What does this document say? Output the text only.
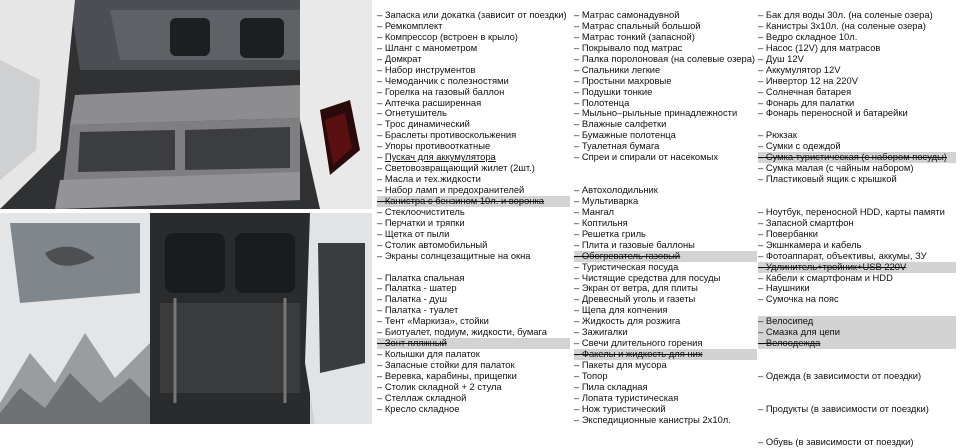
– Запаска или докатка (зависит от поездки)
– Ремкомплект
– Компрессор (встроен в крыло)
– Шланг с манометром
– Домкрат
– Набор инструментов
– Чемоданчик с полезностями
– Горелка на газовый баллон
– Аптечка расширенная
– Огнетушитель
– Трос динамический
– Браслеты противоскольжения
– Упоры противооткатные
– Пускач для аккумулятора
– Световозвращающий жилет (2шт.)
– Масла и тех.жидкости
– Набор ламп и предохранителей
– Канистра с бензином 10л. и воронка
– Стеклоочиститель
– Перчатки и тряпки
– Щетка от пыли
– Столик автомобильный
– Экраны солнцезащитные на окна
– Палатка спальная
– Палатка - шатер
– Палатка - душ
– Палатка - туалет
– Тент «Маркиза», стойки
– Биотуалет, подиум, жидкости, бумага
– Зонт пляжный
– Колышки для палаток
– Запасные стойки для палаток
– Веревка, карабины, прищепки
– Столик складной + 2 стула
– Стеллаж складной
– Кресло складное
– Матрас самонадувной
– Матрас спальный большой
– Матрас тонкий (запасной)
– Покрывало под матрас
– Палка поролоновая (на солевые озера)
– Спальники легкие
– Простыни махровые
– Подушки тонкие
– Полотенца
– Мыльно–рыльные принадлежности
– Влажные салфетки
– Бумажные полотенца
– Туалетная бумага
– Спреи и спирали от насекомых
– Автохолодильник
– Мультиварка
– Мангал
– Коптильня
– Решетка гриль
– Плита и газовые баллоны
– Обогреватель газовый
– Туристическая посуда
– Чистящие средства для посуды
– Экран от ветра, для плиты
– Древесный уголь и газеты
– Щепа для копчения
– Жидкость для розжига
– Зажигалки
– Свечи длительного горения
– Факелы и жидкость для них
– Пакеты для мусора
– Топор
– Пила складная
– Лопата туристическая
– Нож туристический
– Экспедиционные канистры 2х10л.
– Бак для воды 30л. (на соленые озера)
– Канистры 3х10л. (на соленые озера)
– Ведро складное 10л.
– Насос (12V) для матрасов
– Душ 12V
– Аккумулятор 12V
– Инвертор 12 на 220V
– Солнечная батарея
– Фонарь для палатки
– Фонарь переносной и батарейки
– Рюкзак
– Сумки с одеждой
– Сумка туристическая (с набором посуды)
– Сумка малая (с чайным набором)
– Пластиковый ящик с крышкой
– Ноутбук, переносной HDD, карты памяти
– Запасной смартфон
– Повербанки
– Экшнкамера и кабель
– Фотоаппарат, объективы, аккумы, ЗУ
– Удлинитель+тройник+USB 220V
– Кабели к смартфонам и HDD
– Наушники
– Сумочка на пояс
– Велосипед
– Смазка для цепи
– Велоодежда
– Одежда (в зависимости от поездки)
– Продукты (в зависимости от поездки)
– Обувь (в зависимости от поездки)
